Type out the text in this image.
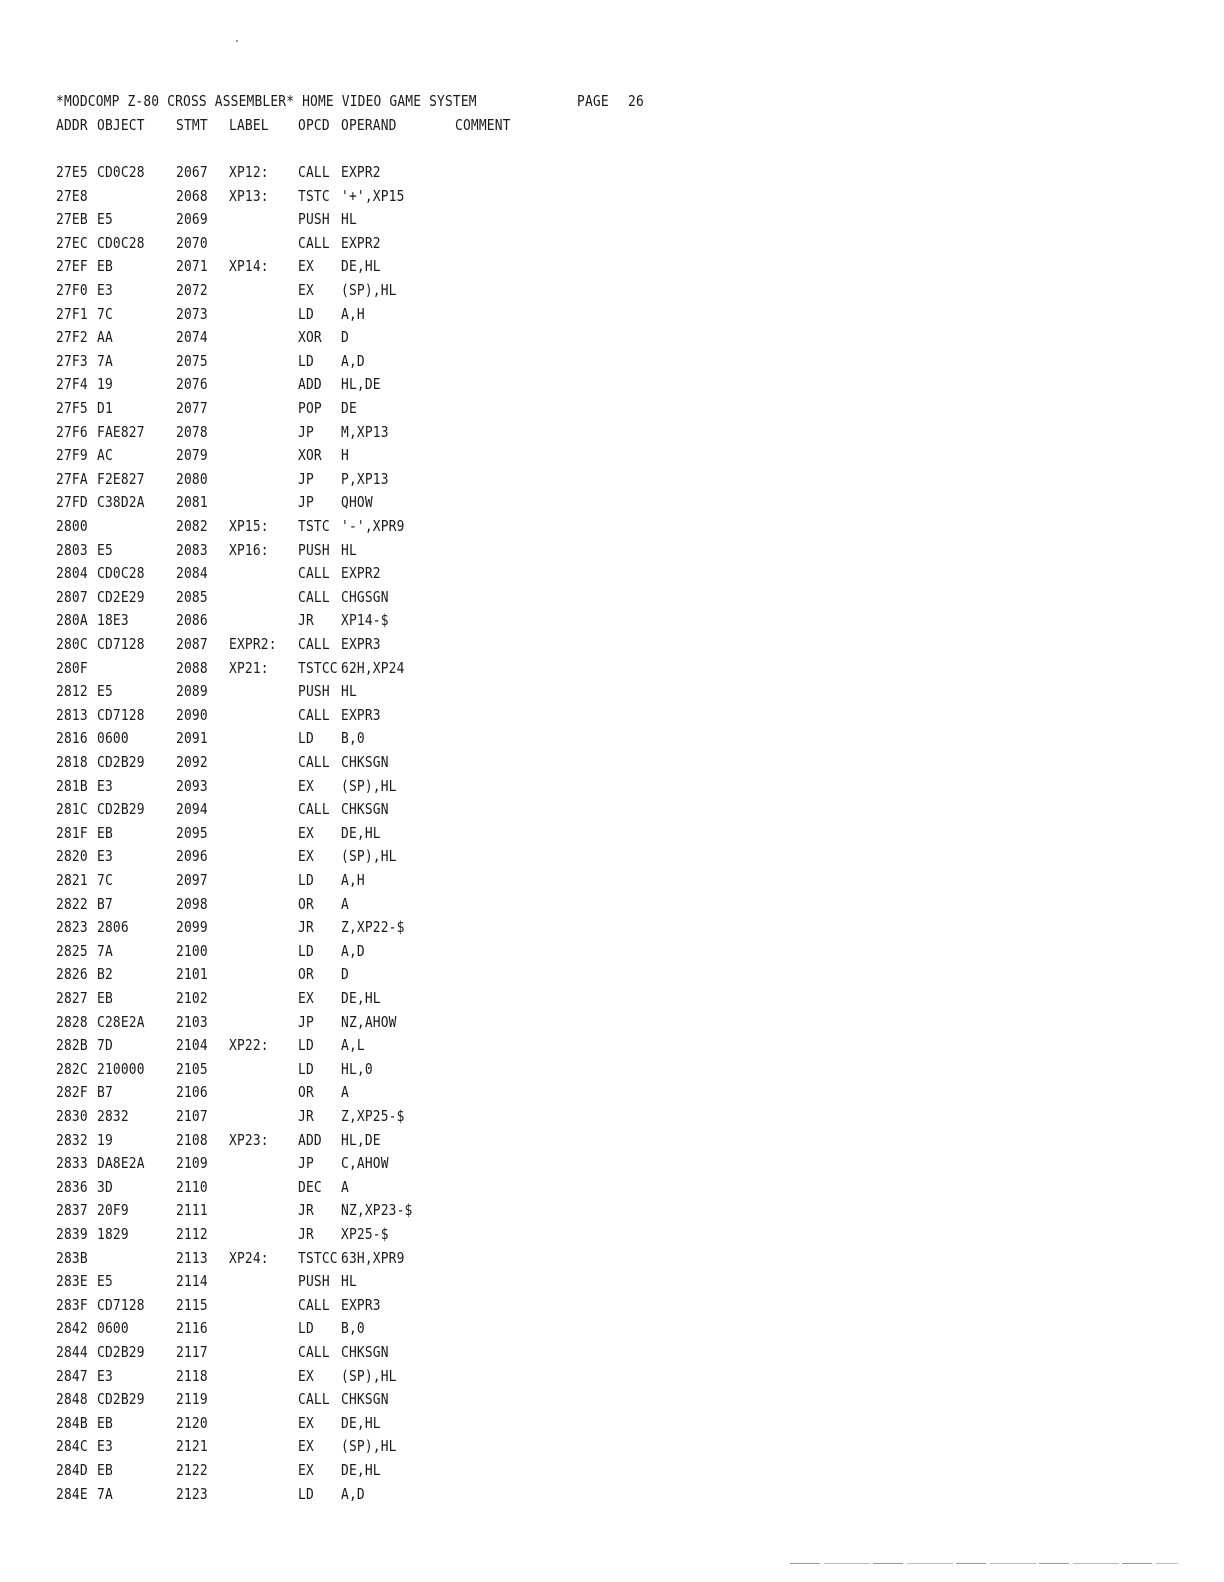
*MODCOMP Z-80 CROSS ASSEMBLER* HOME VIDEO GAME SYSTEM	PAGE 26
ADDR OBJECT STMT LABEL OPCD OPERAND	COMMENT
27E5 CD0C28 2067 XP12: CALL EXPR2
27E8	2068 XP13: TSTC '+',XP15
27EB E5	2069	PUSH HL
27EC CD0C28 2070	CALL EXPR2
27EF EB	2071 XP14: EX DE,HL
27F0 E3	2072	EX (SP),HL
27F1 7C	2073	LD A,H
27F2 AA	2074	XOR D
27F3 7A	2075	LD A,D
27F4 19	2076	ADD HL,DE
27F5 D1	2077	POP DE
27F6 FAE827 2078	JP M,XP13
27F9 AC	2079	XOR H
27FA F2E827 2080	JP P,XP13
27FD C38D2A 2081	JP QHOW
2800	2082 XP15: TSTC '-',XPR9
2803 E5	2083 XP16: PUSH HL
2804 CD0C28 2084	CALL EXPR2
2807 CD2E29 2085	CALL CHGSGN
280A 18E3	2086	JR XP14-$
280C CD7128 2087 EXPR2: CALL EXPR3
280F	2088 XP21: TSTCC 62H,XP24
2812 E5	2089	PUSH HL
2813 CD7128 2090	CALL EXPR3
2816 0600	2091	LD B,0
2818 CD2B29 2092	CALL CHKSGN
281B E3	2093	EX (SP),HL
281C CD2B29 2094	CALL CHKSGN
281F EB	2095	EX DE,HL
2820 E3	2096	EX (SP),HL
2821 7C	2097	LD A,H
2822 B7	2098	OR A
2823 2806	2099	JR Z,XP22-$
2825 7A	2100	LD A,D
2826 B2	2101	OR D
2827 EB	2102	EX DE,HL
2828 C28E2A 2103	JP NZ,AHOW
282B 7D	2104 XP22: LD A,L
282C 210000 2105	LD HL,0
282F B7	2106	OR A
2830 2832	2107	JR Z,XP25-$
2832 19	2108 XP23: ADD HL,DE
2833 DA8E2A 2109	JP C,AHOW
2836 3D	2110	DEC A
2837 20F9	2111	JR NZ,XP23-$
2839 1829	2112	JR XP25-$
283B	2113 XP24: TSTCC 63H,XPR9
283E E5	2114	PUSH HL
283F CD7128 2115	CALL EXPR3
2842 0600	2116	LD B,0
2844 CD2B29 2117	CALL CHKSGN
2847 E3	2118	EX (SP),HL
2848 CD2B29 2119	CALL CHKSGN
284B EB	2120	EX DE,HL
284C E3	2121	EX (SP),HL
284D EB	2122	EX DE,HL
284E 7A	2123	LD A,D
